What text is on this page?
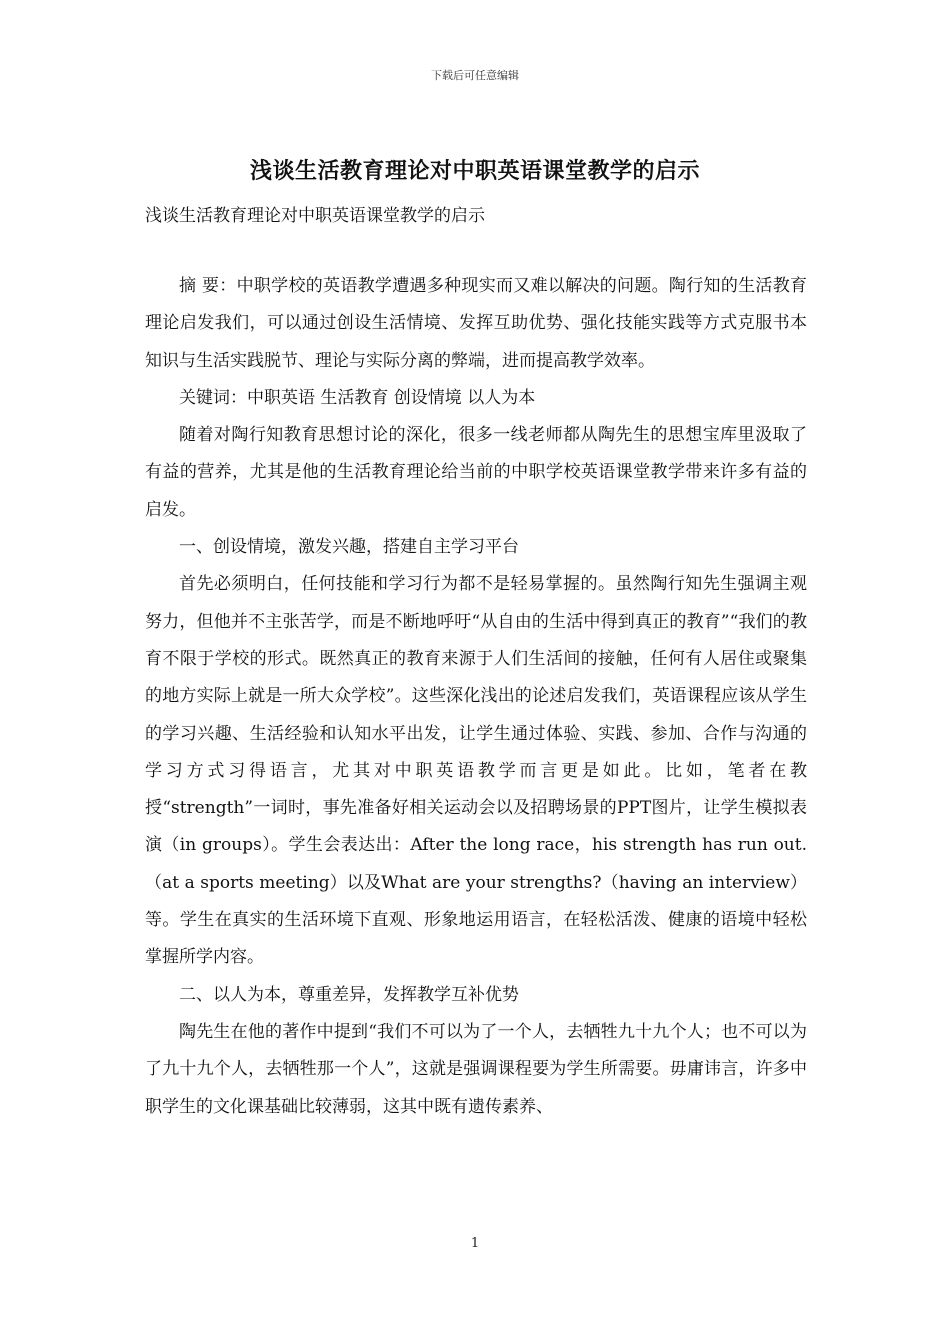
下载后可任意编辑
浅谈生活教育理论对中职英语课堂教学的启示
浅谈生活教育理论对中职英语课堂教学的启示

摘 要：中职学校的英语教学遭遇多种现实而又难以解决的问题。陶行知的生活教育理论启发我们，可以通过创设生活情境、发挥互助优势、强化技能实践等方式克服书本知识与生活实践脱节、理论与实际分离的弊端，进而提高教学效率。

关键词：中职英语 生活教育 创设情境 以人为本

随着对陶行知教育思想讨论的深化，很多一线老师都从陶先生的思想宝库里汲取了有益的营养，尤其是他的生活教育理论给当前的中职学校英语课堂教学带来许多有益的启发。

一、创设情境，激发兴趣，搭建自主学习平台

首先必须明白，任何技能和学习行为都不是轻易掌握的。虽然陶行知先生强调主观努力，但他并不主张苦学，而是不断地呼吁“从自由的生活中得到真正的教育”“我们的教育不限于学校的形式。既然真正的教育来源于人们生活间的接触，任何有人居住或聚集的地方实际上就是一所大众学校”。这些深化浅出的论述启发我们，英语课程应该从学生的学习兴趣、生活经验和认知水平出发，让学生通过体验、实践、参加、合作与沟通的学习方式习得语言，尤其对中职英语教学而言更是如此。比如，笔者在教授“strength”一词时，事先准备好相关运动会以及招聘场景的PPT图片，让学生模拟表演（in groups）。学生会表达出：After the long race，his strength has run out.（at a sports meeting）以及What are your strengths?（having an interview）等。学生在真实的生活环境下直观、形象地运用语言，在轻松活泼、健康的语境中轻松掌握所学内容。

二、以人为本，尊重差异，发挥教学互补优势

陶先生在他的著作中提到“我们不可以为了一个人，去牺牲九十九个人；也不可以为了九十九个人，去牺牲那一个人”，这就是强调课程要为学生所需要。毋庸讳言，许多中职学生的文化课基础比较薄弱，这其中既有遗传素养、

1
